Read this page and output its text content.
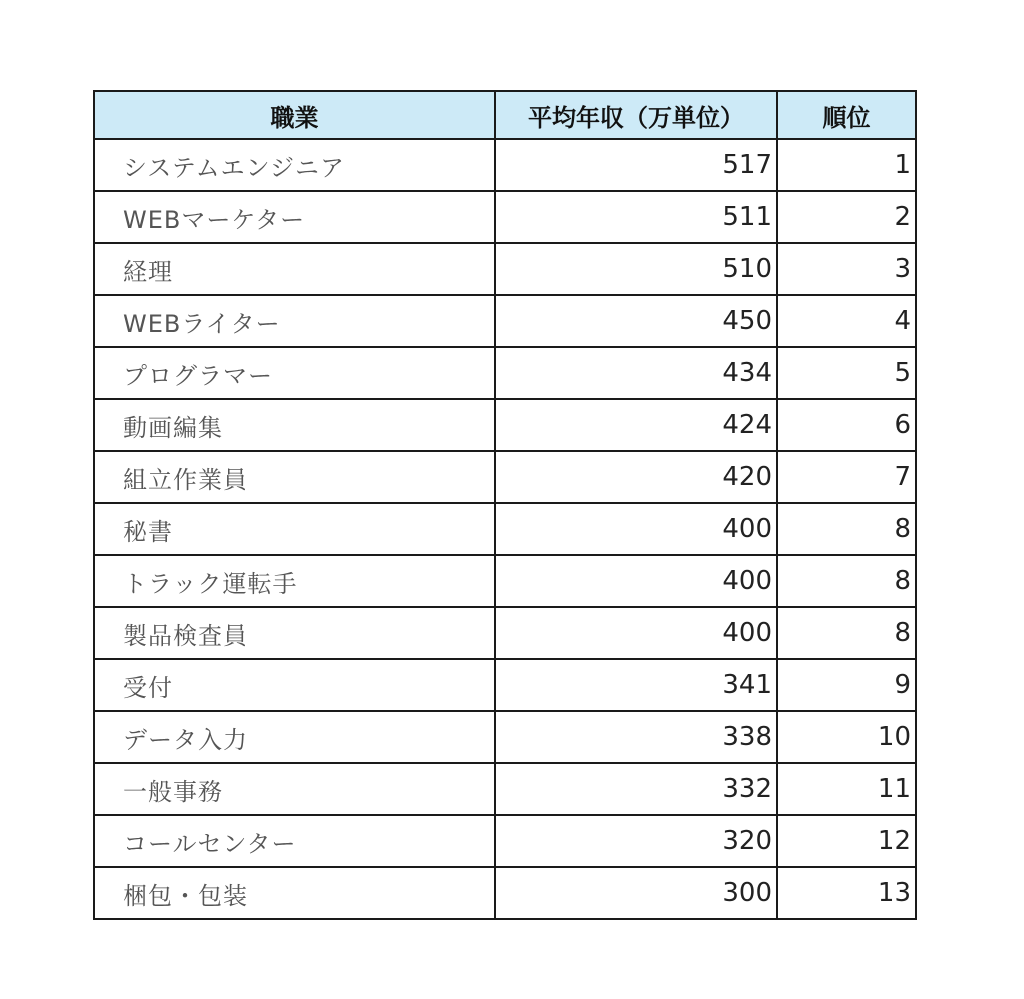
職業	平均年収（万単位）	順位
システムエンジニア	517	1
WEBマーケター	511	2
経理	510	3
WEBライター	450	4
プログラマー	434	5
動画編集	424	6
組立作業員	420	7
秘書	400	8
トラック運転手	400	8
製品検査員	400	8
受付	341	9
データ入力	338	10
一般事務	332	11
コールセンター	320	12
梱包・包装	300	13
